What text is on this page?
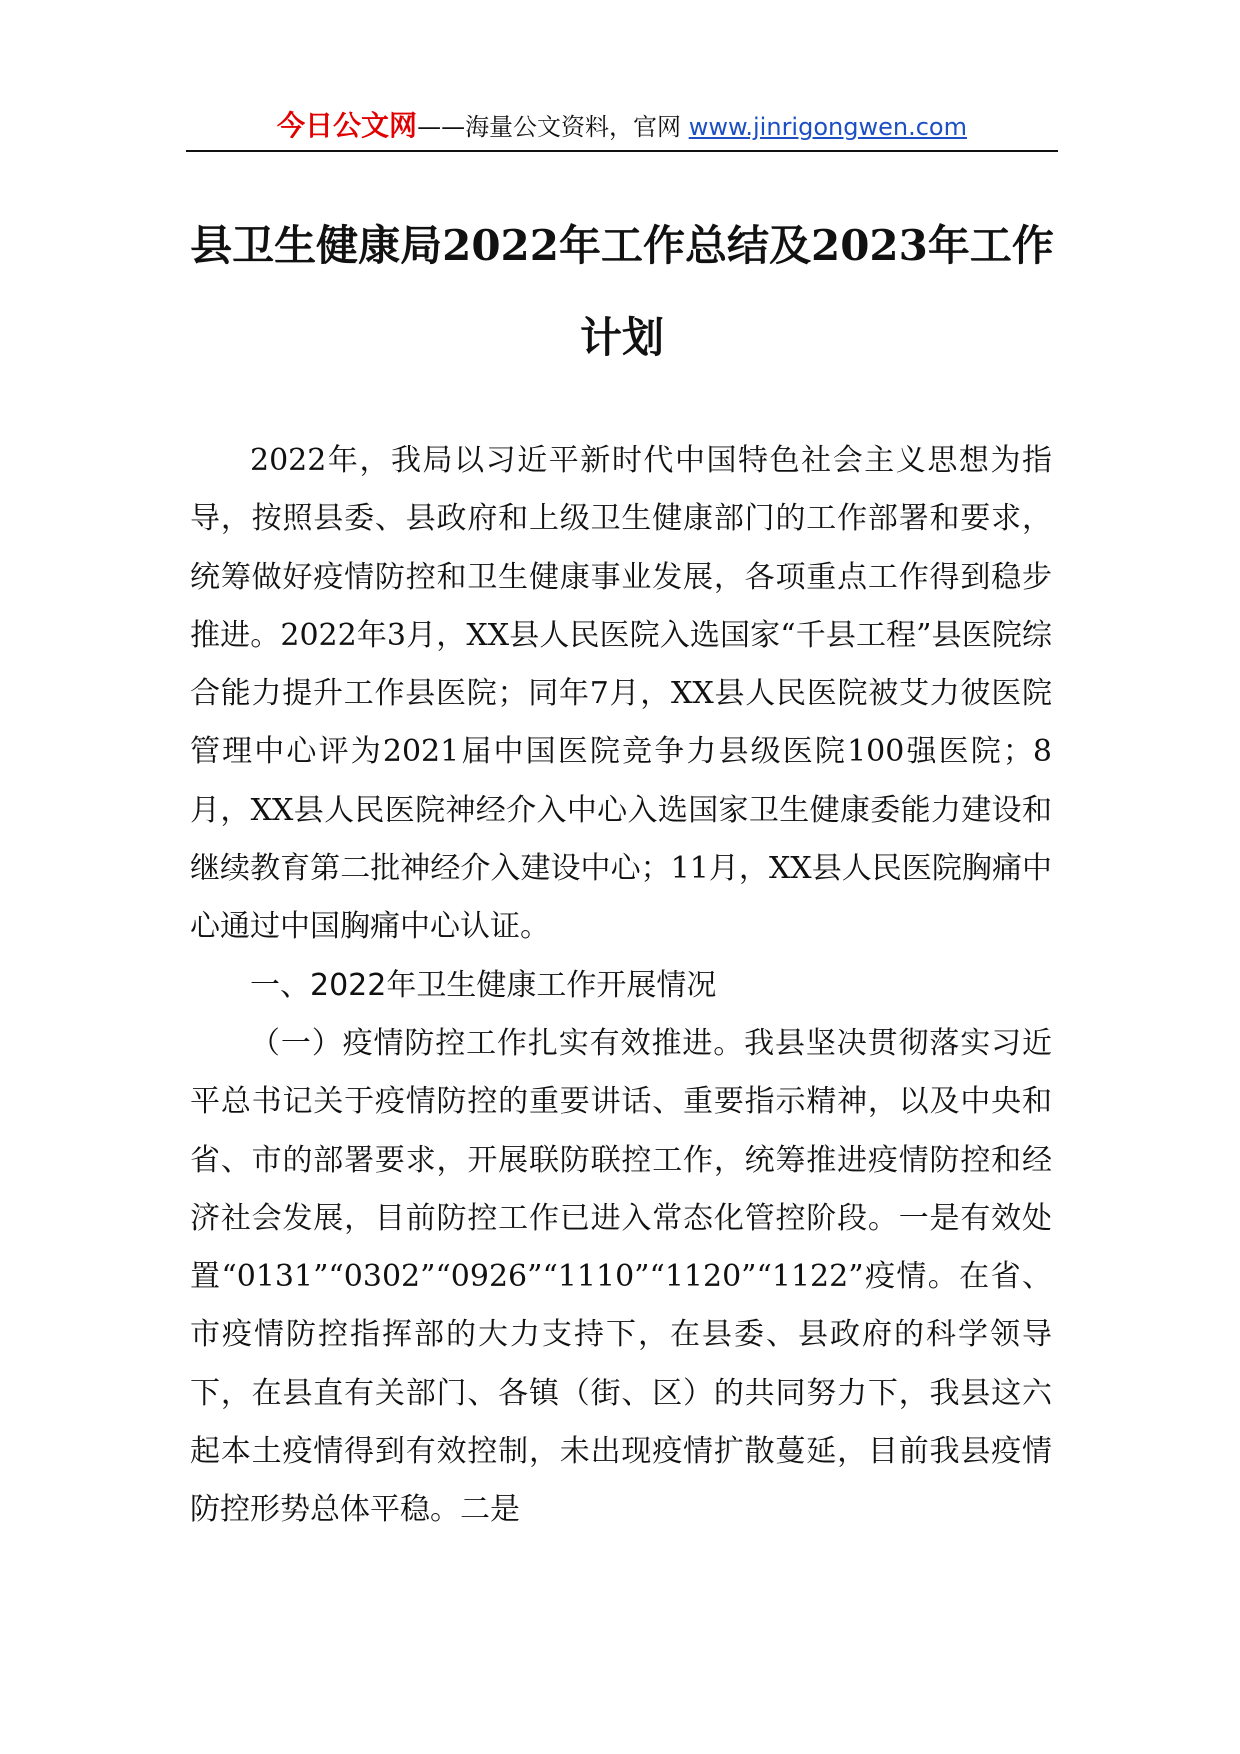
今日公文网——海量公文资料，官网 www.jinrigongwen.com
县卫生健康局2022年工作总结及2023年工作计划

2022年，我局以习近平新时代中国特色社会主义思想为指导，按照县委、县政府和上级卫生健康部门的工作部署和要求，统筹做好疫情防控和卫生健康事业发展，各项重点工作得到稳步推进。2022年3月，XX县人民医院入选国家“千县工程”县医院综合能力提升工作县医院；同年7月，XX县人民医院被艾力彼医院管理中心评为2021届中国医院竞争力县级医院100强医院；8月，XX县人民医院神经介入中心入选国家卫生健康委能力建设和继续教育第二批神经介入建设中心；11月，XX县人民医院胸痛中心通过中国胸痛中心认证。

一、2022年卫生健康工作开展情况

（一）疫情防控工作扎实有效推进。我县坚决贯彻落实习近平总书记关于疫情防控的重要讲话、重要指示精神，以及中央和省、市的部署要求，开展联防联控工作，统筹推进疫情防控和经济社会发展，目前防控工作已进入常态化管控阶段。一是有效处置“0131”“0302”“0926”“1110”“1120”“1122”疫情。在省、市疫情防控指挥部的大力支持下，在县委、县政府的科学领导下，在县直有关部门、各镇（街、区）的共同努力下，我县这六起本土疫情得到有效控制，未出现疫情扩散蔓延，目前我县疫情防控形势总体平稳。二是
